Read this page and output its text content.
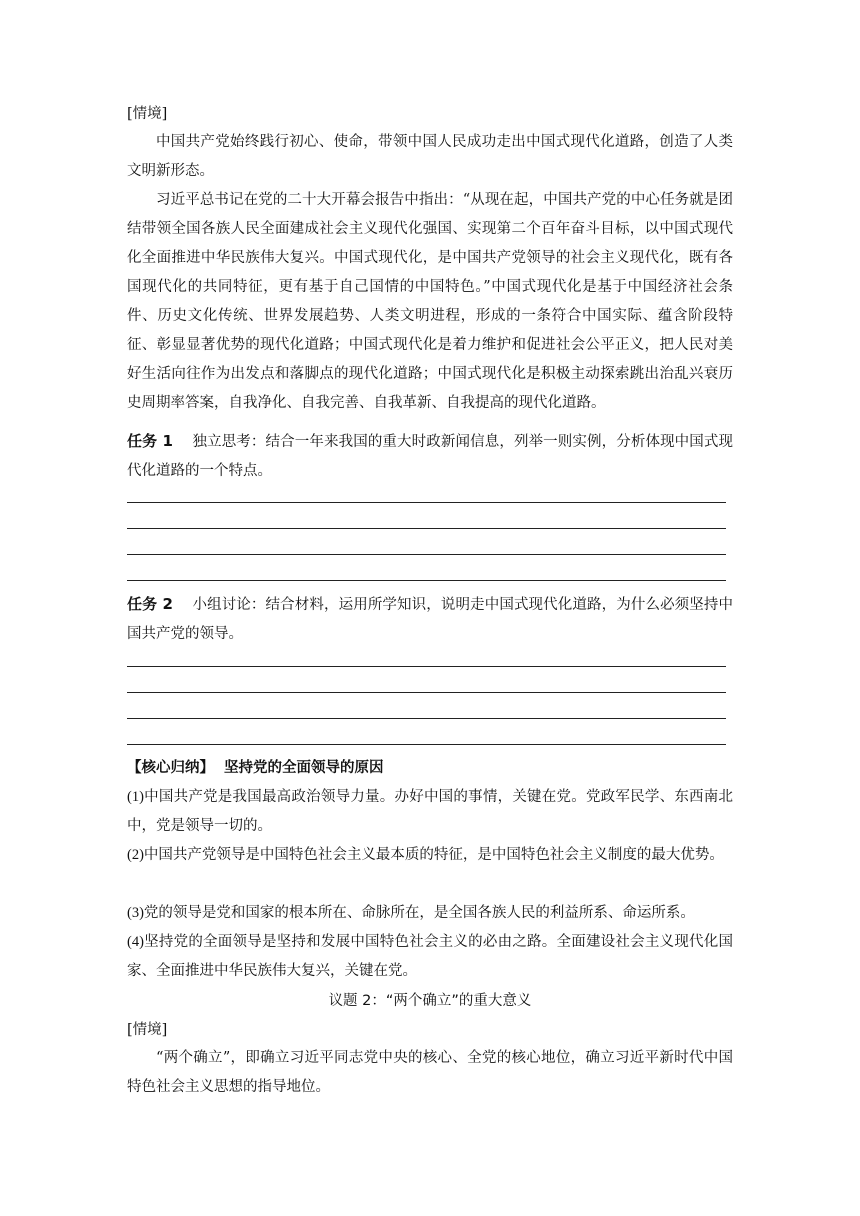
[情境]
中国共产党始终践行初心、使命，带领中国人民成功走出中国式现代化道路，创造了人类文明新形态。
习近平总书记在党的二十大开幕会报告中指出：“从现在起，中国共产党的中心任务就是团结带领全国各族人民全面建成社会主义现代化强国、实现第二个百年奋斗目标，以中国式现代化全面推进中华民族伟大复兴。中国式现代化，是中国共产党领导的社会主义现代化，既有各国现代化的共同特征，更有基于自己国情的中国特色。”中国式现代化是基于中国经济社会条件、历史文化传统、世界发展趋势、人类文明进程，形成的一条符合中国实际、蕴含阶段特征、彰显显著优势的现代化道路；中国式现代化是着力维护和促进社会公平正义，把人民对美好生活向往作为出发点和落脚点的现代化道路；中国式现代化是积极主动探索跳出治乱兴衰历史周期率答案，自我净化、自我完善、自我革新、自我提高的现代化道路。
任务 1 独立思考：结合一年来我国的重大时政新闻信息，列举一则实例，分析体现中国式现代化道路的一个特点。
任务 2 小组讨论：结合材料，运用所学知识，说明走中国式现代化道路，为什么必须坚持中国共产党的领导。
【核心归纳】 坚持党的全面领导的原因
(1)中国共产党是我国最高政治领导力量。办好中国的事情，关键在党。党政军民学、东西南北中，党是领导一切的。
(2)中国共产党领导是中国特色社会主义最本质的特征，是中国特色社会主义制度的最大优势。
(3)党的领导是党和国家的根本所在、命脉所在，是全国各族人民的利益所系、命运所系。
(4)坚持党的全面领导是坚持和发展中国特色社会主义的必由之路。全面建设社会主义现代化国家、全面推进中华民族伟大复兴，关键在党。
议题 2：“两个确立”的重大意义
[情境]
“两个确立”，即确立习近平同志党中央的核心、全党的核心地位，确立习近平新时代中国特色社会主义思想的指导地位。
